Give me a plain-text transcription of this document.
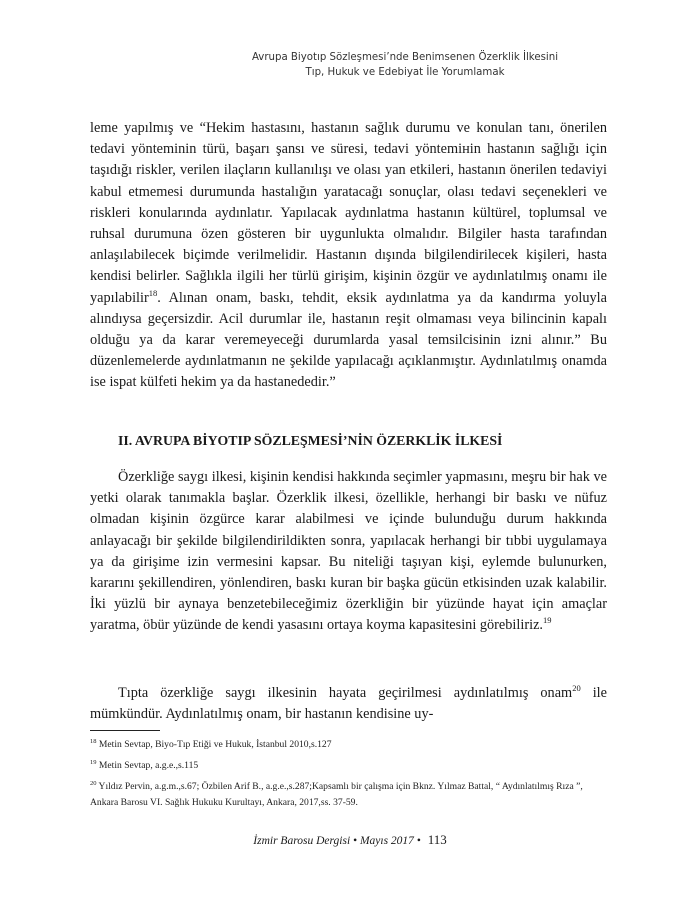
Avrupa Biyotıp Sözleşmesi’nde Benimsenen Özerklik İlkesini
Tıp, Hukuk ve Edebiyat İle Yorumlamak

leme yapılmış ve “Hekim hastasını, hastanın sağlık durumu ve konulan tanı, önerilen tedavi yönteminin türü, başarı şansı ve süresi, tedavi yöntemінin hastanın sağlığı için taşıdığı riskler, verilen ilaçların kullanılışı ve olası yan etkileri, hastanın önerilen tedaviyi kabul etmemesi durumunda hastalığın yaratacağı sonuçlar, olası tedavi seçenekleri ve riskleri konularında aydınlatır. Yapılacak aydınlatma hastanın kültürel, toplumsal ve ruhsal durumuna özen gösteren bir uygunlukta olmalıdır. Bilgiler hasta tarafından anlaşılabilecek biçimde verilmelidir. Hastanın dışında bilgilendirilecek kişileri, hasta kendisi belirler. Sağlıkla ilgili her türlü girişim, kişinin özgür ve aydınlatılmış onamı ile yapılabilir$^{18}$. Alınan onam, baskı, tehdit, eksik aydınlatma ya da kandırma yoluyla alındıysa geçersizdir. Acil durumlar ile, hastanın reşit olmaması veya bilincinin kapalı olduğu ya da karar veremeyeceği durumlarda yasal temsilcisinin izni alınır.” Bu düzenlemelerde aydınlatmanın ne şekilde yapılacağı açıklanmıştır. Aydınlatılmış onamda ise ispat külfeti hekim ya da hastanededir.”

II. AVRUPA BİYOTIP SÖZLEŞMESİ’NİN ÖZERKLİK İLKESİ
Özerkliğe saygı ilkesi, kişinin kendisi hakkında seçimler yapmasını, meşru bir hak ve yetki olarak tanımakla başlar. Özerklik ilkesi, özellikle, herhangi bir baskı ve nüfuz olmadan kişinin özgürce karar alabilmesi ve içinde bulunduğu durum hakkında anlayacağı bir şekilde bilgilendirildikten sonra, yapılacak herhangi bir tıbbi uygulamaya ya da girişime izin vermesini kapsar. Bu niteliği taşıyan kişi, eylemde bulunurken, kararını şekillendiren, yönlendiren, baskı kuran bir başka gücün etkisinden uzak kalabilir. İki yüzlü bir aynaya benzetebileceğimiz özerkliğin bir yüzünde hayat için amaçlar yaratma, öbür yüzünde de kendi yasasını ortaya koyma kapasitesini görebiliriz.$^{19}$
Tıpta özerkliğe saygı ilkesinin hayata geçirilmesi aydınlatılmış onam$^{20}$ ile mümkündür. Aydınlatılmış onam, bir hastanın kendisine uy-
$^{18}$ Metin Sevtap, Biyo-Tıp Etiği ve Hukuk, İstanbul 2010,s.127
$^{19}$ Metin Sevtap, a.g.e.,s.115
$^{20}$ Yıldız Pervin, a.g.m.,s.67; Özbilen Arif B., a.g.e.,s.287;Kapsamlı bir çalışma için Bknz. Yılmaz Battal, “ Aydınlatılmış Rıza ”, Ankara Barosu VI. Sağlık Hukuku Kurultayı, Ankara, 2017,ss. 37-59.
İzmir Barosu Dergisi • Mayıs 2017 • 113
